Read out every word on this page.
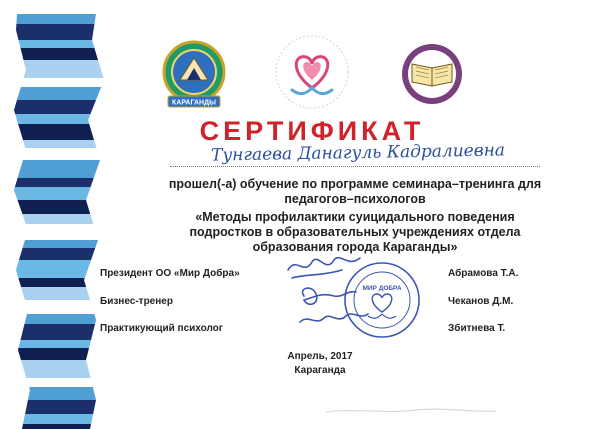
КАРАГАНДЫ
СЕРТИФИКАТ
Тунгаева Данагуль Кадралиевна
прошел(-а) обучение по программе семинара–тренинга для
педагогов–психологов
«Методы профилактики суицидального поведения
подростков в образовательных учреждениях отдела
образования города Караганды»
Президент ОО «Мир Добра»	Абрамова Т.А.
Бизнес-тренер	Чеканов Д.М.
Практикующий психолог	Збитнева Т.
МИР ДОБРА
Апрель, 2017
Караганда
